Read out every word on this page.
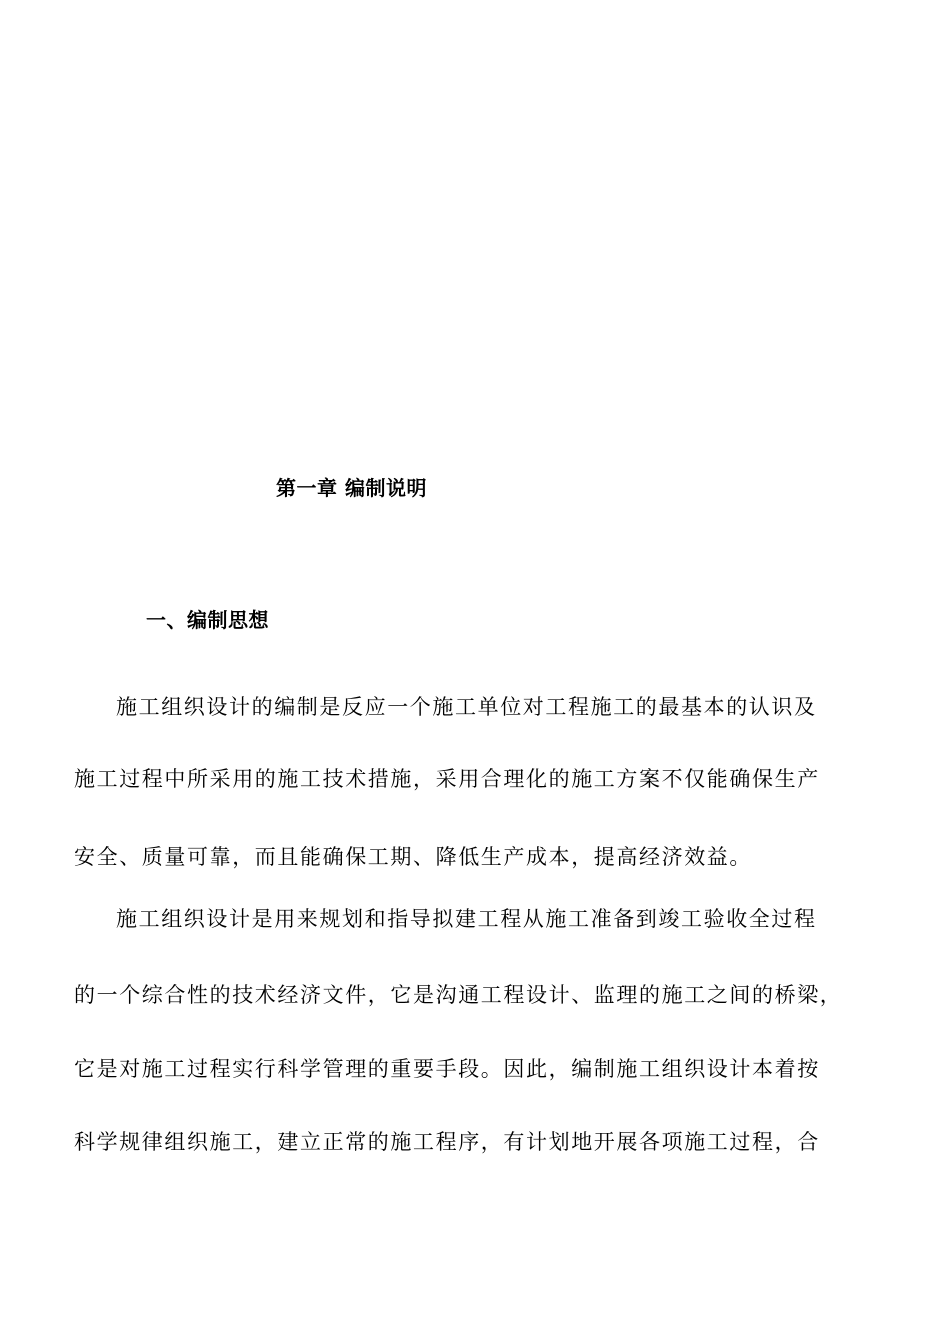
第一章 编制说明
一、编制思想
施工组织设计的编制是反应一个施工单位对工程施工的最基本的认识及
施工过程中所采用的施工技术措施，采用合理化的施工方案不仅能确保生产
安全、质量可靠，而且能确保工期、降低生产成本，提高经济效益。
施工组织设计是用来规划和指导拟建工程从施工准备到竣工验收全过程
的一个综合性的技术经济文件，它是沟通工程设计、监理的施工之间的桥梁，
它是对施工过程实行科学管理的重要手段。因此，编制施工组织设计本着按
科学规律组织施工，建立正常的施工程序，有计划地开展各项施工过程，合
